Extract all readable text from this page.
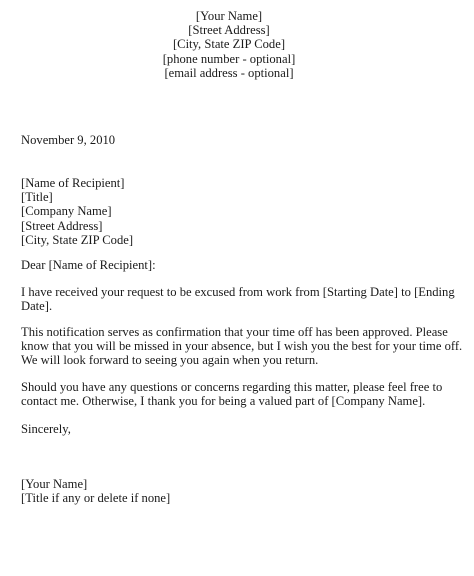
[Your Name]
[Street Address]
[City, State ZIP Code]
[phone number - optional]
[email address - optional]
November 9, 2010
[Name of Recipient]
[Title]
[Company Name]
[Street Address]
[City, State ZIP Code]
Dear [Name of Recipient]:
I have received your request to be excused from work from [Starting Date] to [Ending
Date].
This notification serves as confirmation that your time off has been approved. Please
know that you will be missed in your absence, but I wish you the best for your time off.
We will look forward to seeing you again when you return.
Should you have any questions or concerns regarding this matter, please feel free to
contact me. Otherwise, I thank you for being a valued part of [Company Name].
Sincerely,
[Your Name]
[Title if any or delete if none]
